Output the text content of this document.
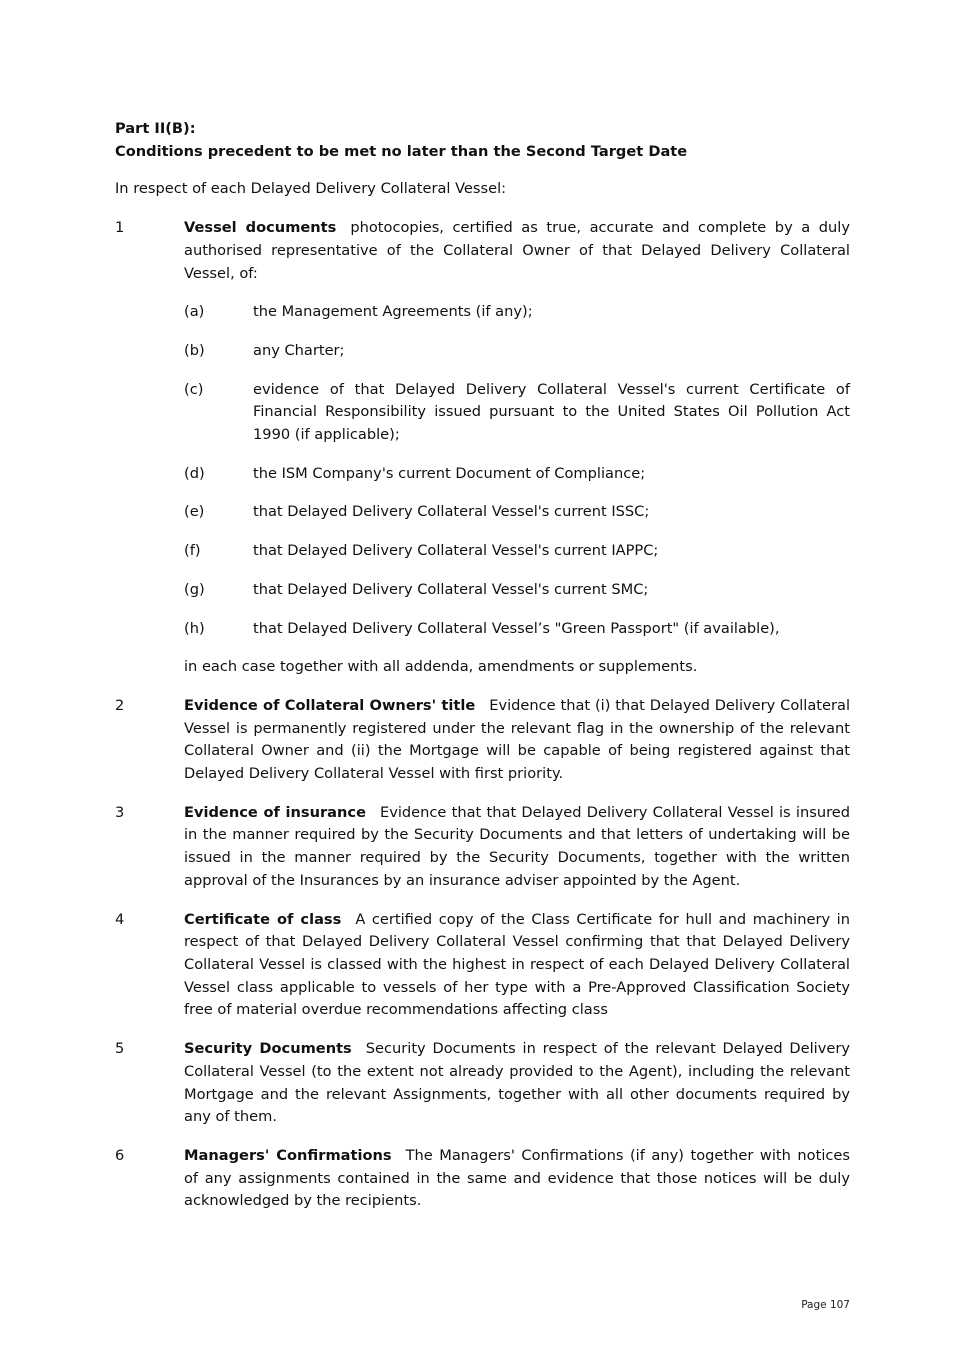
Part II(B):

Conditions precedent to be met no later than the Second Target Date

In respect of each Delayed Delivery Collateral Vessel:

1	Vessel documents photocopies, certified as true, accurate and complete by a duly authorised representative of the Collateral Owner of that Delayed Delivery Collateral Vessel, of:
(a)	the Management Agreements (if any);
(b)	any Charter;
(c)	evidence of that Delayed Delivery Collateral Vessel's current Certificate of Financial Responsibility issued pursuant to the United States Oil Pollution Act 1990 (if applicable);
(d)	the ISM Company's current Document of Compliance;
(e)	that Delayed Delivery Collateral Vessel's current ISSC;
(f)	that Delayed Delivery Collateral Vessel's current IAPPC;
(g)	that Delayed Delivery Collateral Vessel's current SMC;
(h)	that Delayed Delivery Collateral Vessel’s "Green Passport" (if available),
in each case together with all addenda, amendments or supplements.
2	Evidence of Collateral Owners' title Evidence that (i) that Delayed Delivery Collateral Vessel is permanently registered under the relevant flag in the ownership of the relevant Collateral Owner and (ii) the Mortgage will be capable of being registered against that Delayed Delivery Collateral Vessel with first priority.
3	Evidence of insurance Evidence that that Delayed Delivery Collateral Vessel is insured in the manner required by the Security Documents and that letters of undertaking will be issued in the manner required by the Security Documents, together with the written approval of the Insurances by an insurance adviser appointed by the Agent.
4	Certificate of class A certified copy of the Class Certificate for hull and machinery in respect of that Delayed Delivery Collateral Vessel confirming that that Delayed Delivery Collateral Vessel is classed with the highest in respect of each Delayed Delivery Collateral Vessel class applicable to vessels of her type with a Pre-Approved Classification Society free of material overdue recommendations affecting class
5	Security Documents Security Documents in respect of the relevant Delayed Delivery Collateral Vessel (to the extent not already provided to the Agent), including the relevant Mortgage and the relevant Assignments, together with all other documents required by any of them.
6	Managers' Confirmations The Managers' Confirmations (if any) together with notices of any assignments contained in the same and evidence that those notices will be duly acknowledged by the recipients.
Page 107
